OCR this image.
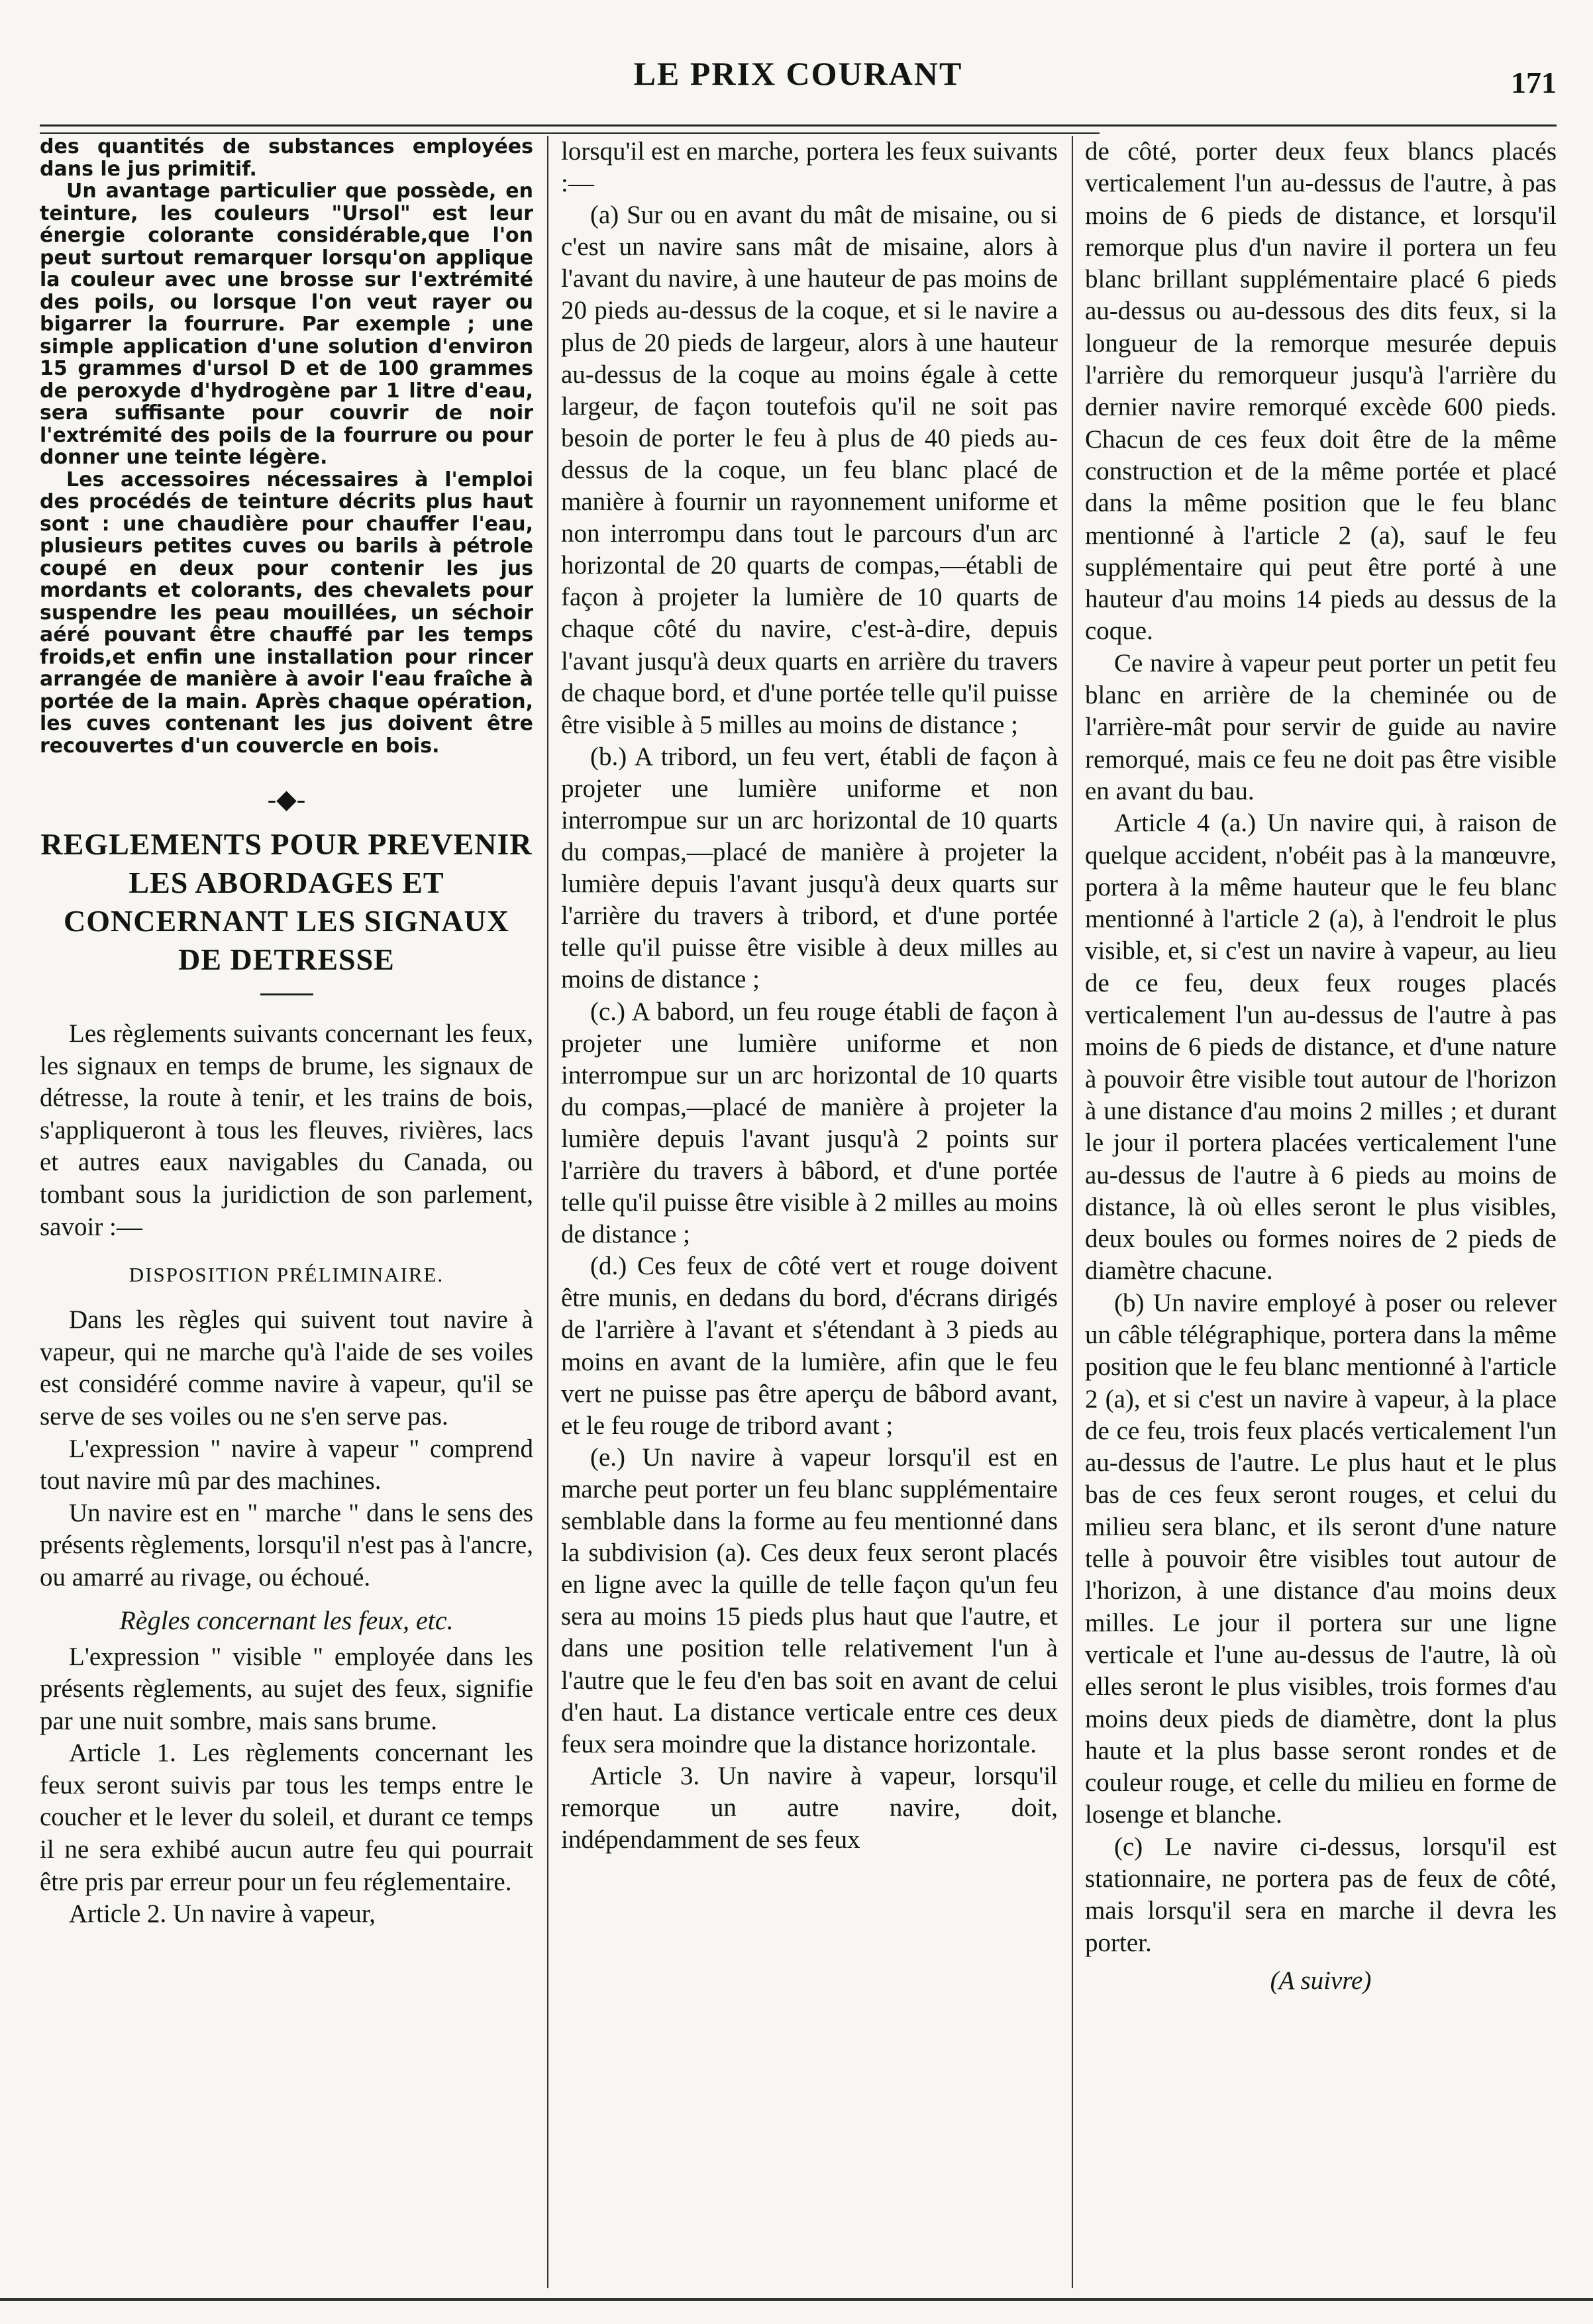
LE PRIX COURANT	171

des quantités de substances employées dans le jus primitif.

Un avantage particulier que possède, en teinture, les couleurs "Ursol" est leur énergie colorante considérable,que l'on peut surtout remarquer lorsqu'on applique la couleur avec une brosse sur l'extrémité des poils, ou lorsque l'on veut rayer ou bigarrer la fourrure. Par exemple ; une simple application d'une solution d'environ 15 grammes d'ursol D et de 100 grammes de peroxyde d'hydrogène par 1 litre d'eau, sera suffisante pour couvrir de noir l'extrémité des poils de la fourrure ou pour donner une teinte légère.

Les accessoires nécessaires à l'emploi des procédés de teinture décrits plus haut sont : une chaudière pour chauffer l'eau, plusieurs petites cuves ou barils à pétrole coupé en deux pour contenir les jus mordants et colorants, des chevalets pour suspendre les peau mouillées, un séchoir aéré pouvant être chauffé par les temps froids,et enfin une installation pour rincer arrangée de manière à avoir l'eau fraîche à portée de la main. Après chaque opération, les cuves contenant les jus doivent être recouvertes d'un couvercle en bois.

-◆-
REGLEMENTS POUR PREVENIR LES ABORDAGES ET CONCERNANT LES SIGNAUX DE DETRESSE

Les règlements suivants concernant les feux, les signaux en temps de brume, les signaux de détresse, la route à tenir, et les trains de bois, s'appliqueront à tous les fleuves, rivières, lacs et autres eaux navigables du Canada, ou tombant sous la juridiction de son parlement, savoir :—

DISPOSITION PRÉLIMINAIRE.

Dans les règles qui suivent tout navire à vapeur, qui ne marche qu'à l'aide de ses voiles est considéré comme navire à vapeur, qu'il se serve de ses voiles ou ne s'en serve pas.

L'expression " navire à vapeur " comprend tout navire mû par des machines.

Un navire est en " marche " dans le sens des présents règlements, lorsqu'il n'est pas à l'ancre, ou amarré au rivage, ou échoué.

Règles concernant les feux, etc.

L'expression " visible " employée dans les présents règlements, au sujet des feux, signifie par une nuit sombre, mais sans brume.

Article 1. Les règlements concernant les feux seront suivis par tous les temps entre le coucher et le lever du soleil, et durant ce temps il ne sera exhibé aucun autre feu qui pourrait être pris par erreur pour un feu réglementaire.

Article 2. Un navire à vapeur,

lorsqu'il est en marche, portera les feux suivants :—

(a) Sur ou en avant du mât de misaine, ou si c'est un navire sans mât de misaine, alors à l'avant du navire, à une hauteur de pas moins de 20 pieds au-dessus de la coque, et si le navire a plus de 20 pieds de largeur, alors à une hauteur au-dessus de la coque au moins égale à cette largeur, de façon toutefois qu'il ne soit pas besoin de porter le feu à plus de 40 pieds au-dessus de la coque, un feu blanc placé de manière à fournir un rayonnement uniforme et non interrompu dans tout le parcours d'un arc horizontal de 20 quarts de compas,—établi de façon à projeter la lumière de 10 quarts de chaque côté du navire, c'est-à-dire, depuis l'avant jusqu'à deux quarts en arrière du travers de chaque bord, et d'une portée telle qu'il puisse être visible à 5 milles au moins de distance ;

(b.) A tribord, un feu vert, établi de façon à projeter une lumière uniforme et non interrompue sur un arc horizontal de 10 quarts du compas,—placé de manière à projeter la lumière depuis l'avant jusqu'à deux quarts sur l'arrière du travers à tribord, et d'une portée telle qu'il puisse être visible à deux milles au moins de distance ;

(c.) A babord, un feu rouge établi de façon à projeter une lumière uniforme et non interrompue sur un arc horizontal de 10 quarts du compas,—placé de manière à projeter la lumière depuis l'avant jusqu'à 2 points sur l'arrière du travers à bâbord, et d'une portée telle qu'il puisse être visible à 2 milles au moins de distance ;

(d.) Ces feux de côté vert et rouge doivent être munis, en dedans du bord, d'écrans dirigés de l'arrière à l'avant et s'étendant à 3 pieds au moins en avant de la lumière, afin que le feu vert ne puisse pas être aperçu de bâbord avant, et le feu rouge de tribord avant ;

(e.) Un navire à vapeur lorsqu'il est en marche peut porter un feu blanc supplémentaire semblable dans la forme au feu mentionné dans la subdivision (a). Ces deux feux seront placés en ligne avec la quille de telle façon qu'un feu sera au moins 15 pieds plus haut que l'autre, et dans une position telle relativement l'un à l'autre que le feu d'en bas soit en avant de celui d'en haut. La distance verticale entre ces deux feux sera moindre que la distance horizontale.

Article 3. Un navire à vapeur, lorsqu'il remorque un autre navire, doit, indépendamment de ses feux

de côté, porter deux feux blancs placés verticalement l'un au-dessus de l'autre, à pas moins de 6 pieds de distance, et lorsqu'il remorque plus d'un navire il portera un feu blanc brillant supplémentaire placé 6 pieds au-dessus ou au-dessous des dits feux, si la longueur de la remorque mesurée depuis l'arrière du remorqueur jusqu'à l'arrière du dernier navire remorqué excède 600 pieds. Chacun de ces feux doit être de la même construction et de la même portée et placé dans la même position que le feu blanc mentionné à l'article 2 (a), sauf le feu supplémentaire qui peut être porté à une hauteur d'au moins 14 pieds au dessus de la coque.

Ce navire à vapeur peut porter un petit feu blanc en arrière de la cheminée ou de l'arrière-mât pour servir de guide au navire remorqué, mais ce feu ne doit pas être visible en avant du bau.

Article 4 (a.) Un navire qui, à raison de quelque accident, n'obéit pas à la manœuvre, portera à la même hauteur que le feu blanc mentionné à l'article 2 (a), à l'endroit le plus visible, et, si c'est un navire à vapeur, au lieu de ce feu, deux feux rouges placés verticalement l'un au-dessus de l'autre à pas moins de 6 pieds de distance, et d'une nature à pouvoir être visible tout autour de l'horizon à une distance d'au moins 2 milles ; et durant le jour il portera placées verticalement l'une au-dessus de l'autre à 6 pieds au moins de distance, là où elles seront le plus visibles, deux boules ou formes noires de 2 pieds de diamètre chacune.

(b) Un navire employé à poser ou relever un câble télégraphique, portera dans la même position que le feu blanc mentionné à l'article 2 (a), et si c'est un navire à vapeur, à la place de ce feu, trois feux placés verticalement l'un au-dessus de l'autre. Le plus haut et le plus bas de ces feux seront rouges, et celui du milieu sera blanc, et ils seront d'une nature telle à pouvoir être visibles tout autour de l'horizon, à une distance d'au moins deux milles. Le jour il portera sur une ligne verticale et l'une au-dessus de l'autre, là où elles seront le plus visibles, trois formes d'au moins deux pieds de diamètre, dont la plus haute et la plus basse seront rondes et de couleur rouge, et celle du milieu en forme de losenge et blanche.

(c) Le navire ci-dessus, lorsqu'il est stationnaire, ne portera pas de feux de côté, mais lorsqu'il sera en marche il devra les porter.

(A suivre)
